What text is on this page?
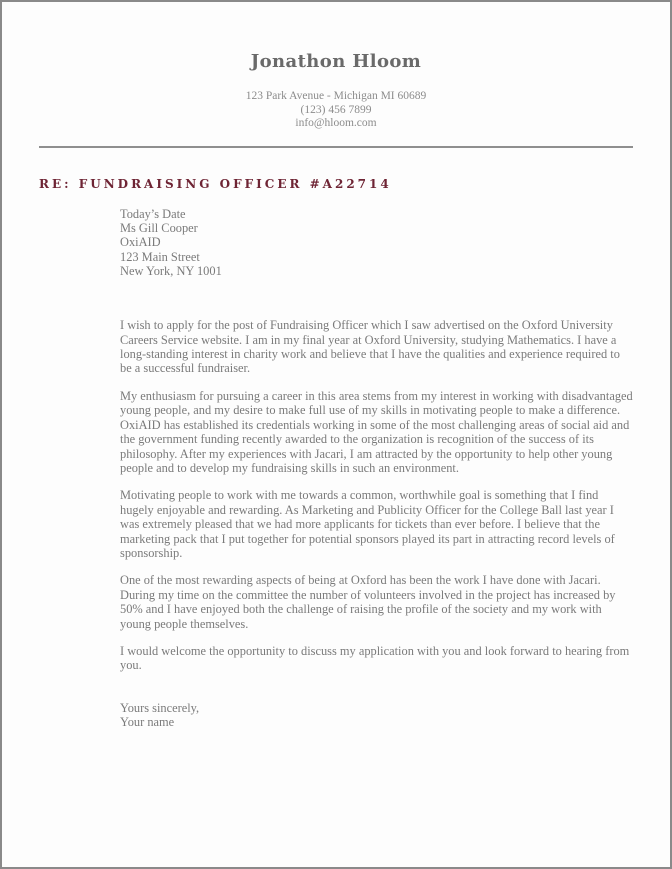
Jonathon Hloom
123 Park Avenue - Michigan MI 60689
(123) 456 7899
info@hloom.com
RE: FUNDRAISING OFFICER #A22714
Today’s Date
Ms Gill Cooper
OxiAID
123 Main Street
New York, NY 1001

I wish to apply for the post of Fundraising Officer which I saw advertised on the Oxford University Careers Service website. I am in my final year at Oxford University, studying Mathematics. I have a long-standing interest in charity work and believe that I have the qualities and experience required to be a successful fundraiser.

My enthusiasm for pursuing a career in this area stems from my interest in working with disadvantaged young people, and my desire to make full use of my skills in motivating people to make a difference. OxiAID has established its credentials working in some of the most challenging areas of social aid and the government funding recently awarded to the organization is recognition of the success of its philosophy. After my experiences with Jacari, I am attracted by the opportunity to help other young people and to develop my fundraising skills in such an environment.

Motivating people to work with me towards a common, worthwhile goal is something that I find hugely enjoyable and rewarding. As Marketing and Publicity Officer for the College Ball last year I was extremely pleased that we had more applicants for tickets than ever before. I believe that the marketing pack that I put together for potential sponsors played its part in attracting record levels of sponsorship.

One of the most rewarding aspects of being at Oxford has been the work I have done with Jacari. During my time on the committee the number of volunteers involved in the project has increased by 50% and I have enjoyed both the challenge of raising the profile of the society and my work with young people themselves.

I would welcome the opportunity to discuss my application with you and look forward to hearing from you.

Yours sincerely,
Your name
